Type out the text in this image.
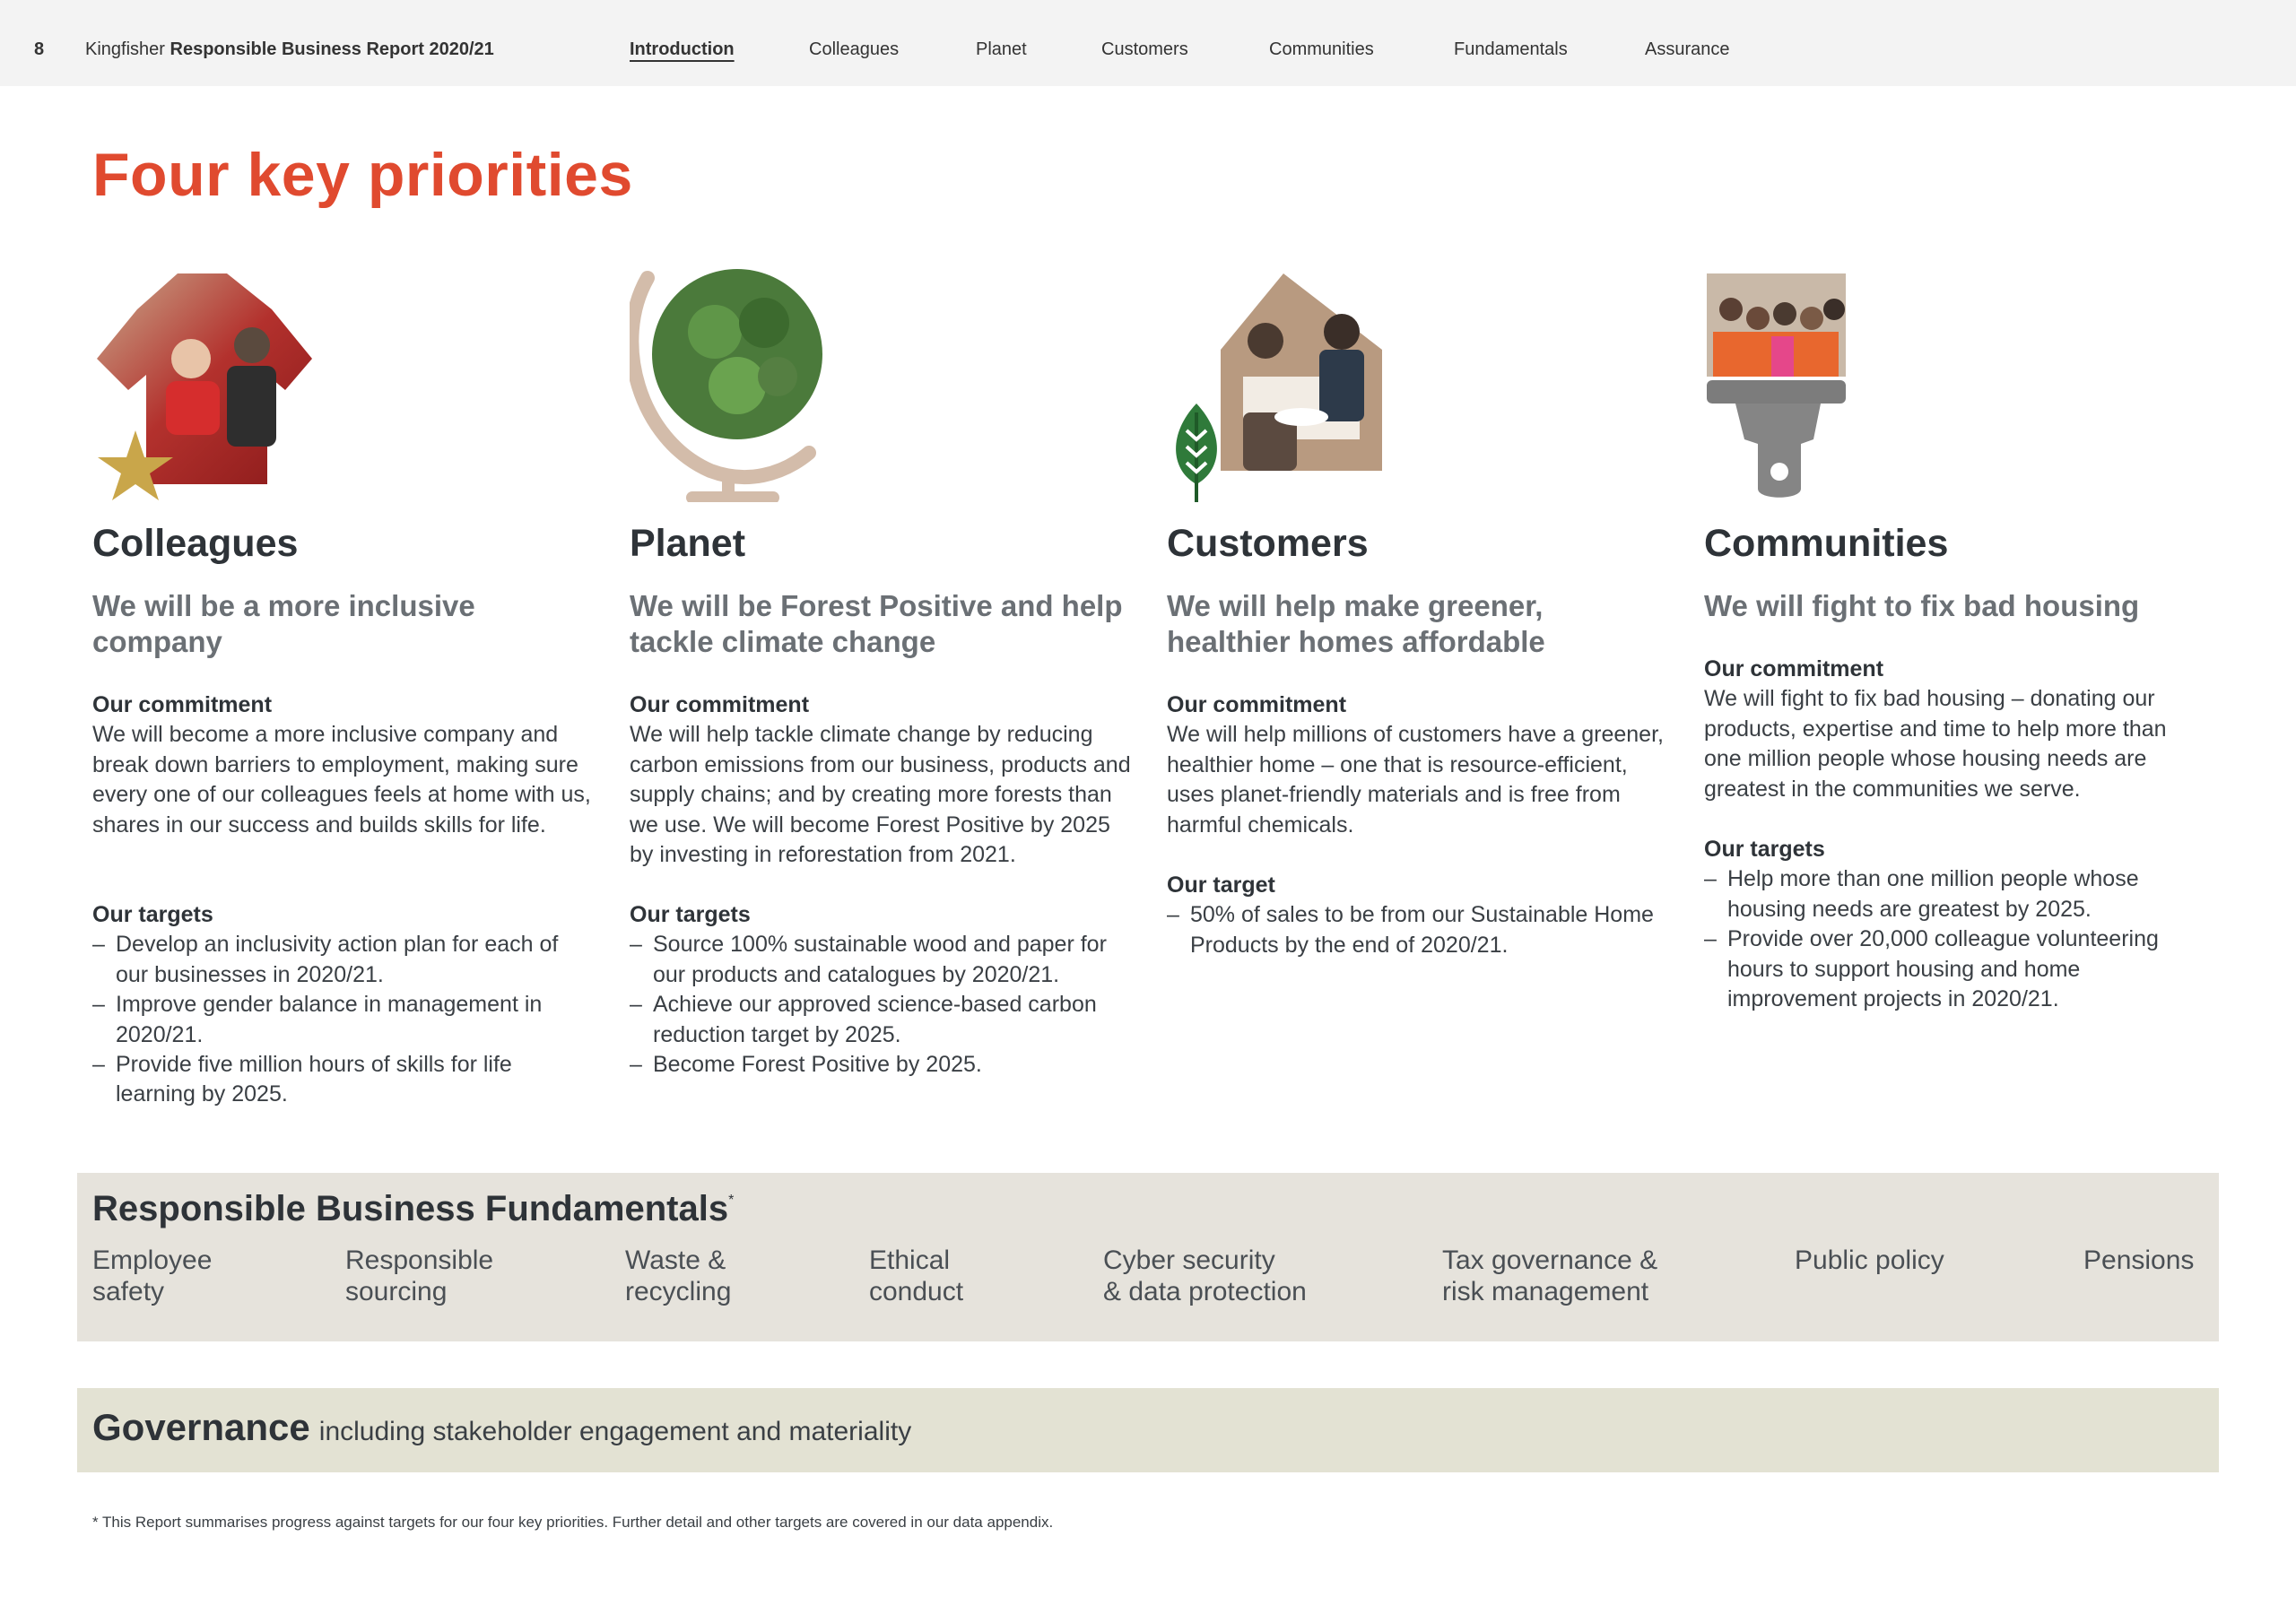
8 Kingfisher Responsible Business Report 2020/21	Introduction	Colleagues	Planet	Customers	Communities	Fundamentals	Assurance
Four key priorities
Colleagues
We will be a more inclusive company
Our commitment
We will become a more inclusive company and break down barriers to employment, making sure every one of our colleagues feels at home with us, shares in our success and builds skills for life.
Our targets
– Develop an inclusivity action plan for each of our businesses in 2020/21.
– Improve gender balance in management in 2020/21.
– Provide five million hours of skills for life learning by 2025.
Planet
We will be Forest Positive and help tackle climate change
Our commitment
We will help tackle climate change by reducing carbon emissions from our business, products and supply chains; and by creating more forests than we use. We will become Forest Positive by 2025 by investing in reforestation from 2021.
Our targets
– Source 100% sustainable wood and paper for our products and catalogues by 2020/21.
– Achieve our approved science-based carbon reduction target by 2025.
– Become Forest Positive by 2025.
Customers
We will help make greener, healthier homes affordable
Our commitment
We will help millions of customers have a greener, healthier home – one that is resource-efficient, uses planet-friendly materials and is free from harmful chemicals.
Our target
– 50% of sales to be from our Sustainable Home Products by the end of 2020/21.
Communities
We will fight to fix bad housing
Our commitment
We will fight to fix bad housing – donating our products, expertise and time to help more than one million people whose housing needs are greatest in the communities we serve.
Our targets
– Help more than one million people whose housing needs are greatest by 2025.
– Provide over 20,000 colleague volunteering hours to support housing and home improvement projects in 2020/21.
Responsible Business Fundamentals*
Employee
safety
Responsible
sourcing
Waste &
recycling
Ethical
conduct
Cyber security
& data protection
Tax governance &
risk management
Public policy	Pensions
Governance including stakeholder engagement and materiality
* This Report summarises progress against targets for our four key priorities. Further detail and other targets are covered in our data appendix.
